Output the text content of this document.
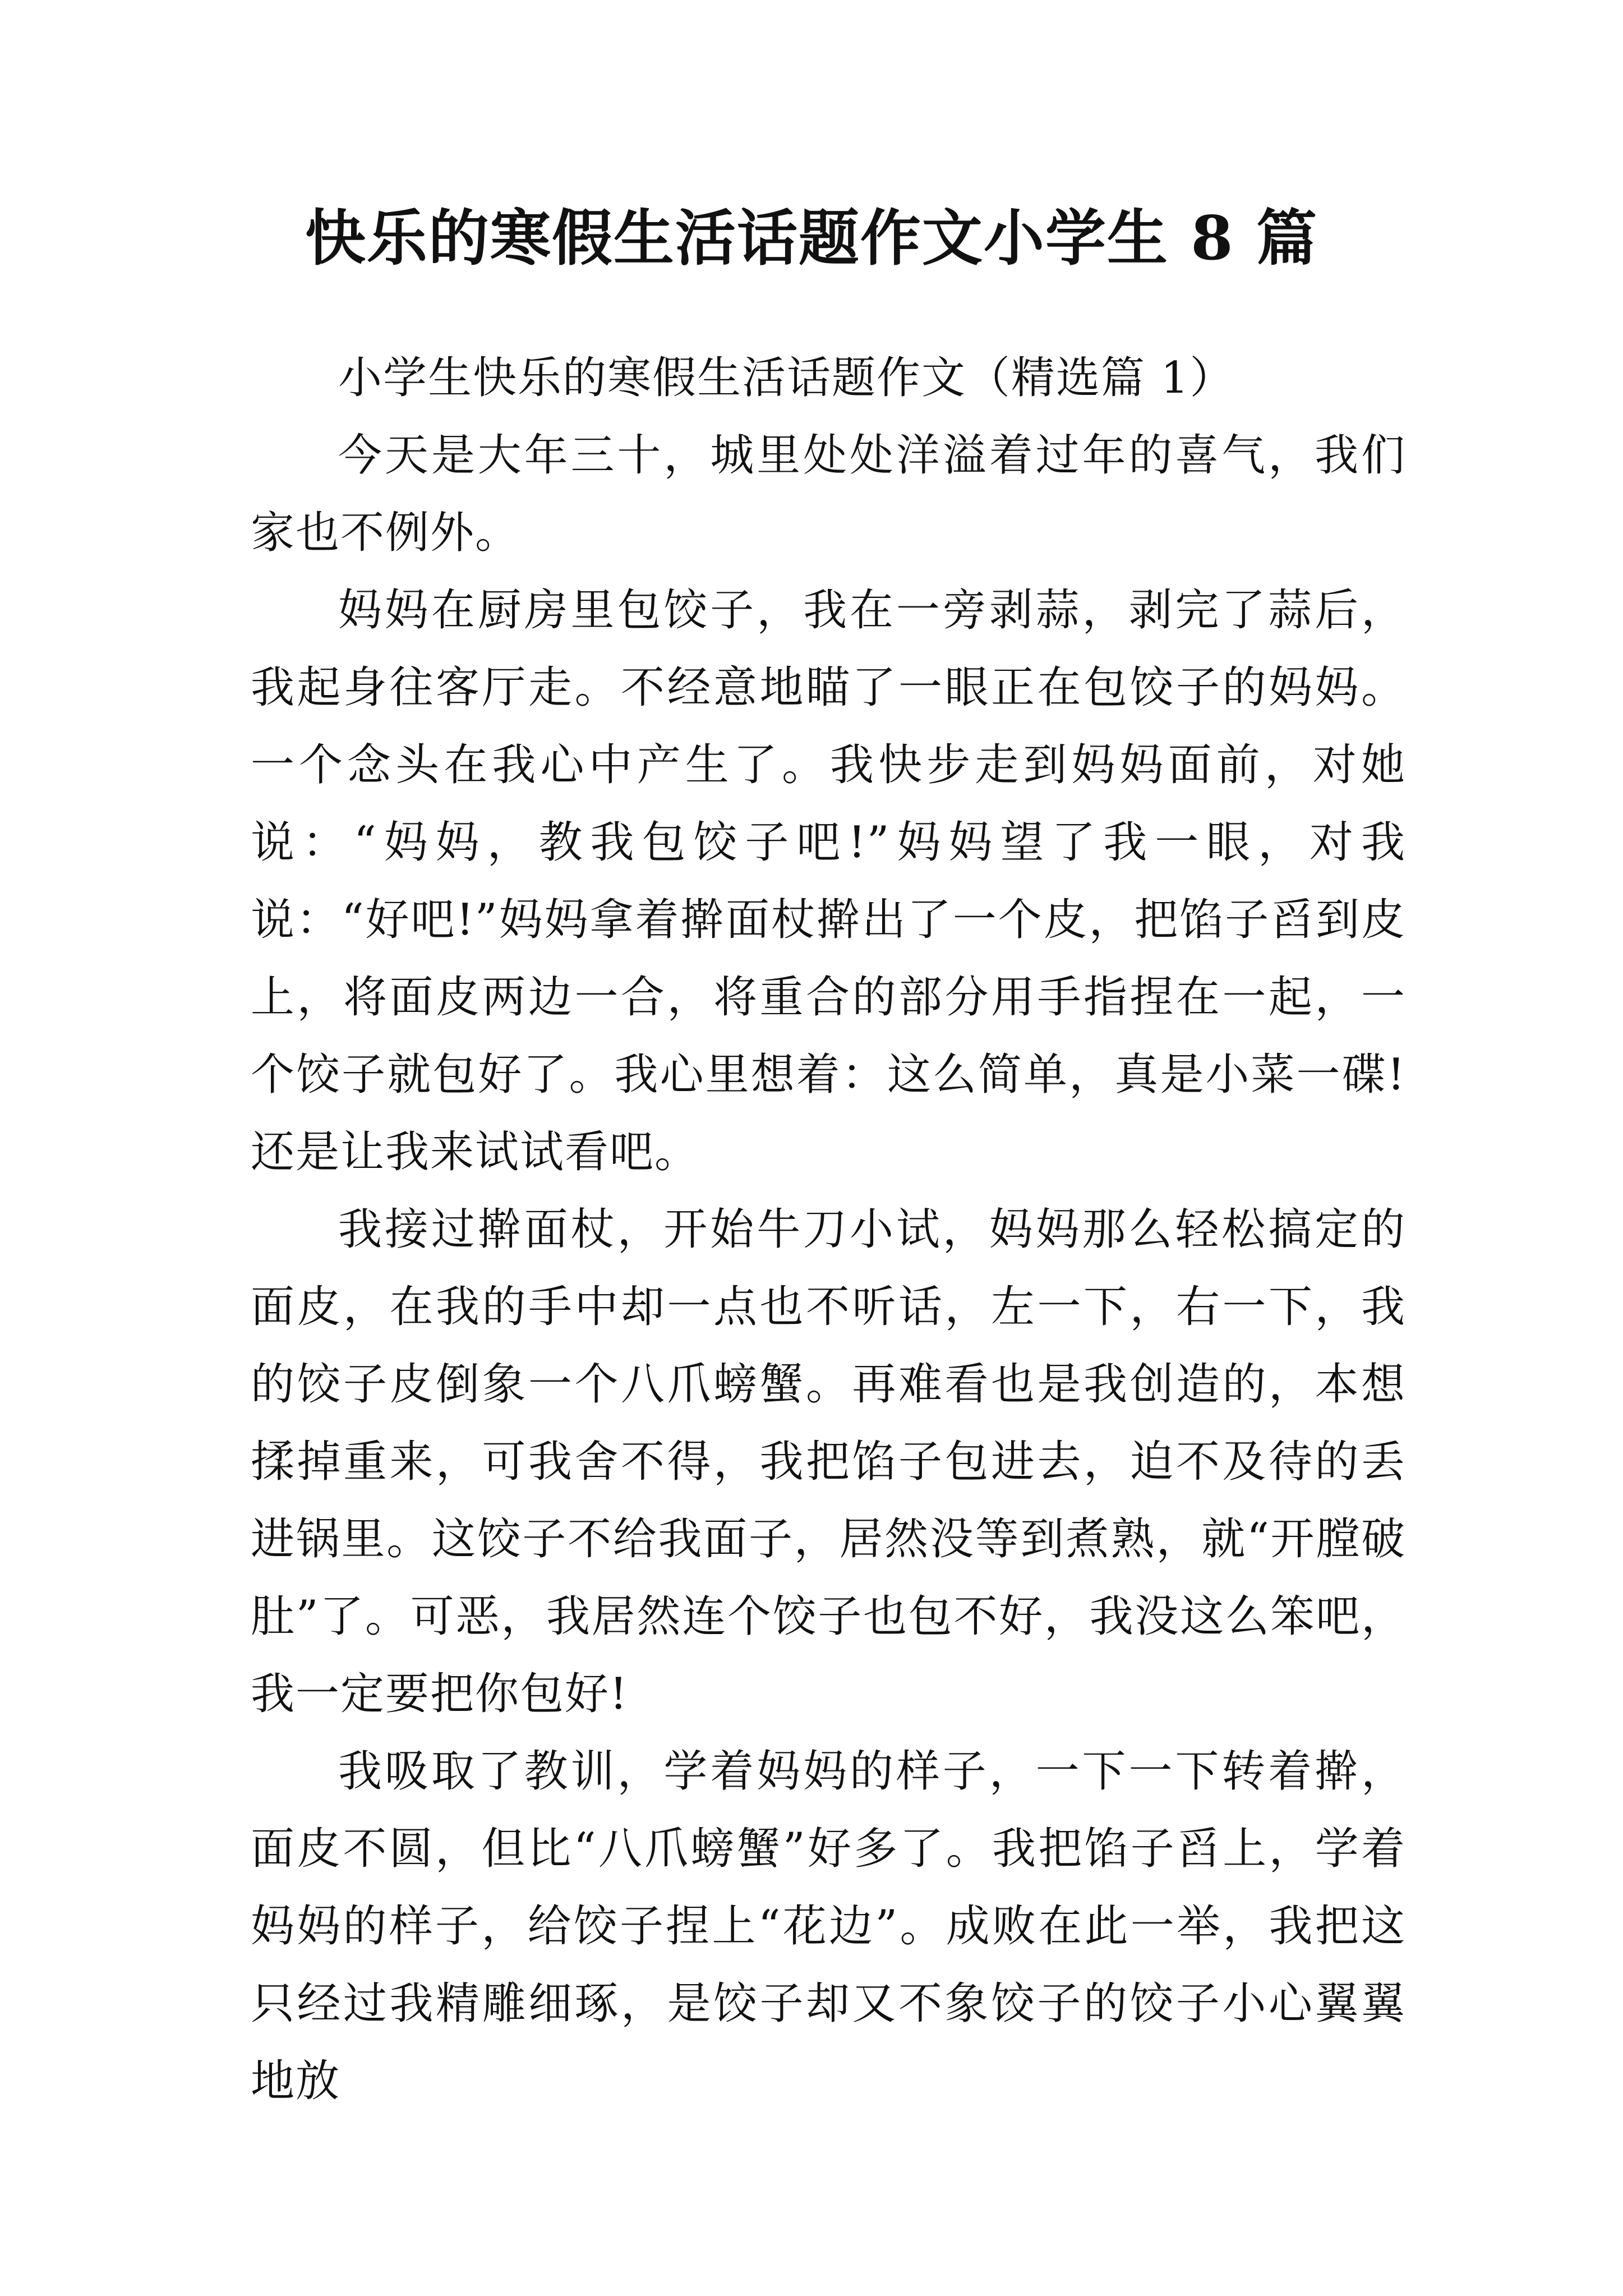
快乐的寒假生活话题作文小学生 8 篇

小学生快乐的寒假生活话题作文（精选篇 1）

今天是大年三十，城里处处洋溢着过年的喜气，我们家也不例外。

妈妈在厨房里包饺子，我在一旁剥蒜，剥完了蒜后，我起身往客厅走。不经意地瞄了一眼正在包饺子的妈妈。一个念头在我心中产生了。我快步走到妈妈面前，对她说：“妈妈，教我包饺子吧!”妈妈望了我一眼，对我说：“好吧!”妈妈拿着擀面杖擀出了一个皮，把馅子舀到皮上，将面皮两边一合，将重合的部分用手指捏在一起，一个饺子就包好了。我心里想着：这么简单，真是小菜一碟!还是让我来试试看吧。

我接过擀面杖，开始牛刀小试，妈妈那么轻松搞定的面皮，在我的手中却一点也不听话，左一下，右一下，我的饺子皮倒象一个八爪螃蟹。再难看也是我创造的，本想揉掉重来，可我舍不得，我把馅子包进去，迫不及待的丢进锅里。这饺子不给我面子，居然没等到煮熟，就“开膛破肚”了。可恶，我居然连个饺子也包不好，我没这么笨吧，我一定要把你包好!

我吸取了教训，学着妈妈的样子，一下一下转着擀，面皮不圆，但比“八爪螃蟹”好多了。我把馅子舀上，学着妈妈的样子，给饺子捏上“花边”。成败在此一举，我把这只经过我精雕细琢，是饺子却又不象饺子的饺子小心翼翼地放
